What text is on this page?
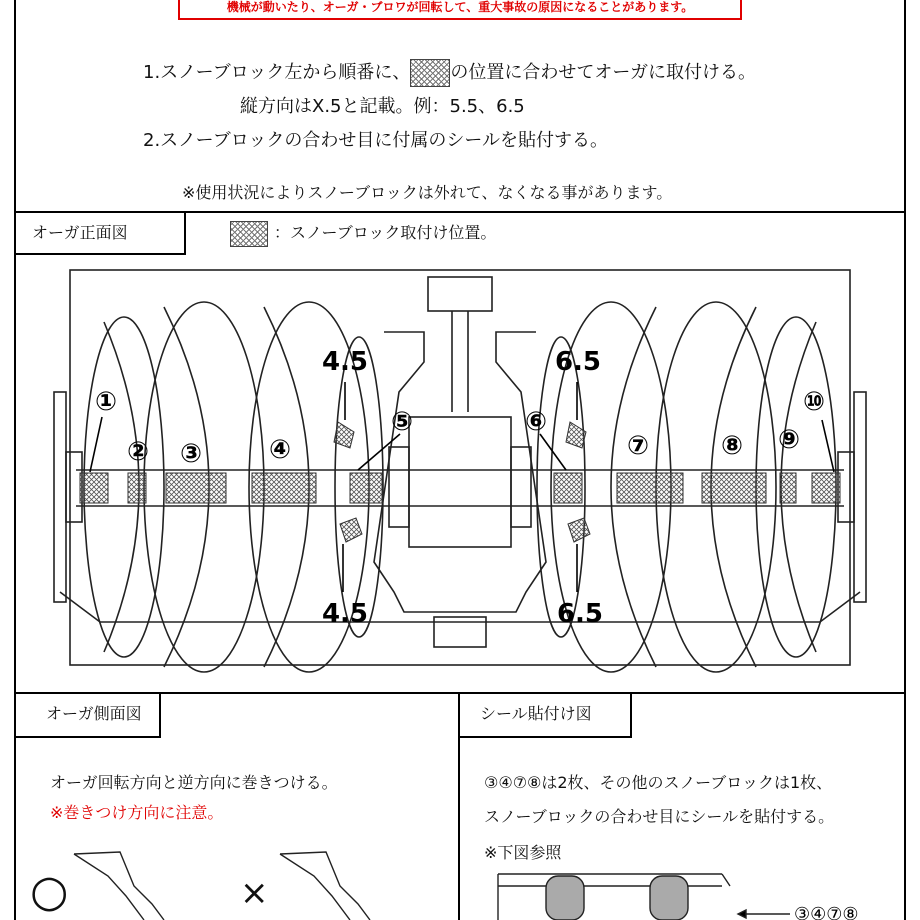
機械が動いたり、オーガ・ブロワが回転して、重大事故の原因になることがあります。
1.スノーブロック左から順番に、 の位置に合わせてオーガに取付ける。
縦方向はX.5と記載。例：5.5、6.5
2.スノーブロックの合わせ目に付属のシールを貼付する。
※使用状況によりスノーブロックは外れて、なくなる事があります。
オーガ正面図	：スノーブロック取付け位置。
①
② ③	④
⑤	⑥
⑦	⑧ ⑨
⑩
4.5	6.5
4.5	6.5
オーガ側面図	シール貼付け図
オーガ回転方向と逆方向に巻きつける。
※巻きつけ方向に注意。
○	×
③④⑦⑧は2枚、その他のスノーブロックは1枚、
スノーブロックの合わせ目にシールを貼付する。
※下図参照
③④⑦⑧
